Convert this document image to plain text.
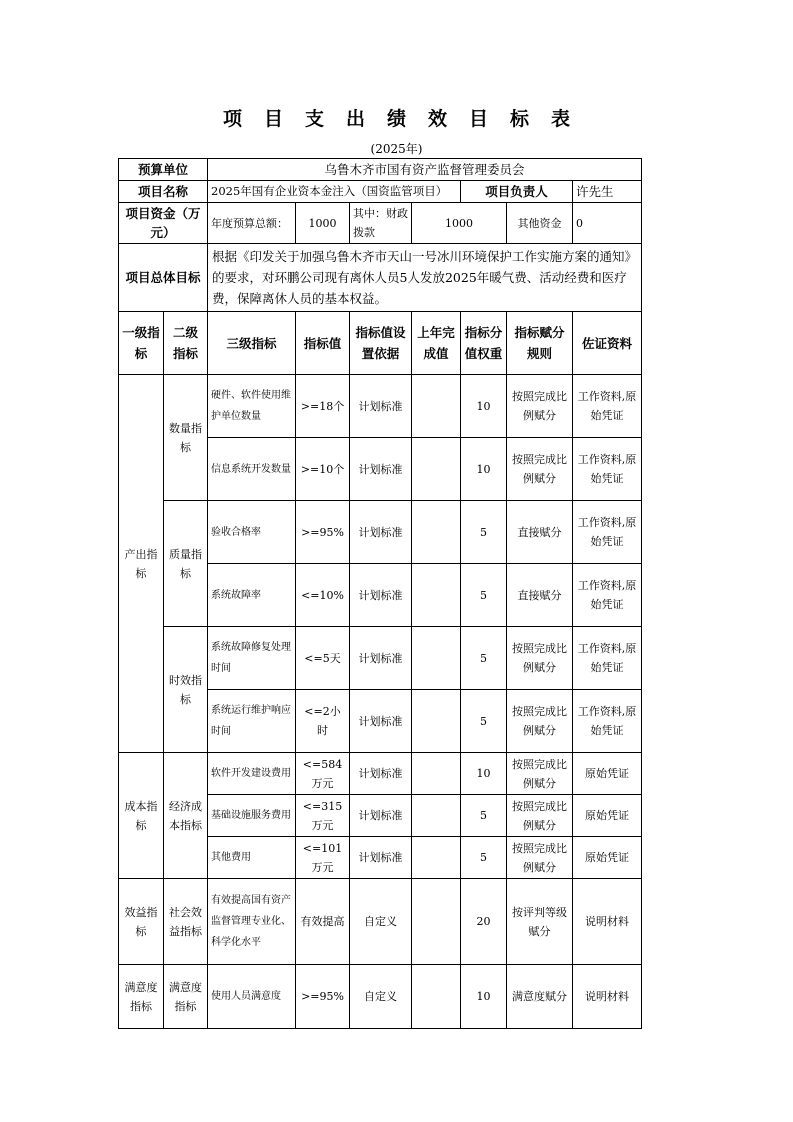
项目支出绩效目标表
(2025年)
预算单位		乌鲁木齐市国有资产监督管理委员会						
项目名称		2025年国有企业资本金注入（国资监管项目）				项目负责人		许先生
项目资金（万元）		年度预算总额：	1000	其中：财政拨款	1000		其他资金	0
项目总体目标		根据《印发关于加强乌鲁木齐市天山一号冰川环境保护工作实施方案的通知》的要求，对环鹏公司现有离休人员5人发放2025年暖气费、活动经费和医疗费，保障离休人员的基本权益。						
一级指标	二级指标	三级指标	指标值	指标值设置依据	上年完成值	指标分值权重	指标赋分规则	佐证资料
产出指标	数量指标	硬件、软件使用维护单位数量	>=18个	计划标准		10	按照完成比例赋分	工作资料,原始凭证
		信息系统开发数量	>=10个	计划标准		10	按照完成比例赋分	工作资料,原始凭证
	质量指标	验收合格率	>=95%	计划标准		5	直接赋分	工作资料,原始凭证
		系统故障率	<=10%	计划标准		5	直接赋分	工作资料,原始凭证
	时效指标	系统故障修复处理时间	<=5天	计划标准		5	按照完成比例赋分	工作资料,原始凭证
		系统运行维护响应时间	<=2小时	计划标准		5	按照完成比例赋分	工作资料,原始凭证
成本指标	经济成本指标	软件开发建设费用	<=584万元	计划标准		10	按照完成比例赋分	原始凭证
		基础设施服务费用	<=315万元	计划标准		5	按照完成比例赋分	原始凭证
		其他费用	<=101万元	计划标准		5	按照完成比例赋分	原始凭证
效益指标	社会效益指标	有效提高国有资产监督管理专业化、科学化水平	有效提高	自定义		20	按评判等级赋分	说明材料
满意度指标	满意度指标	使用人员满意度	>=95%	自定义		10	满意度赋分	说明材料
